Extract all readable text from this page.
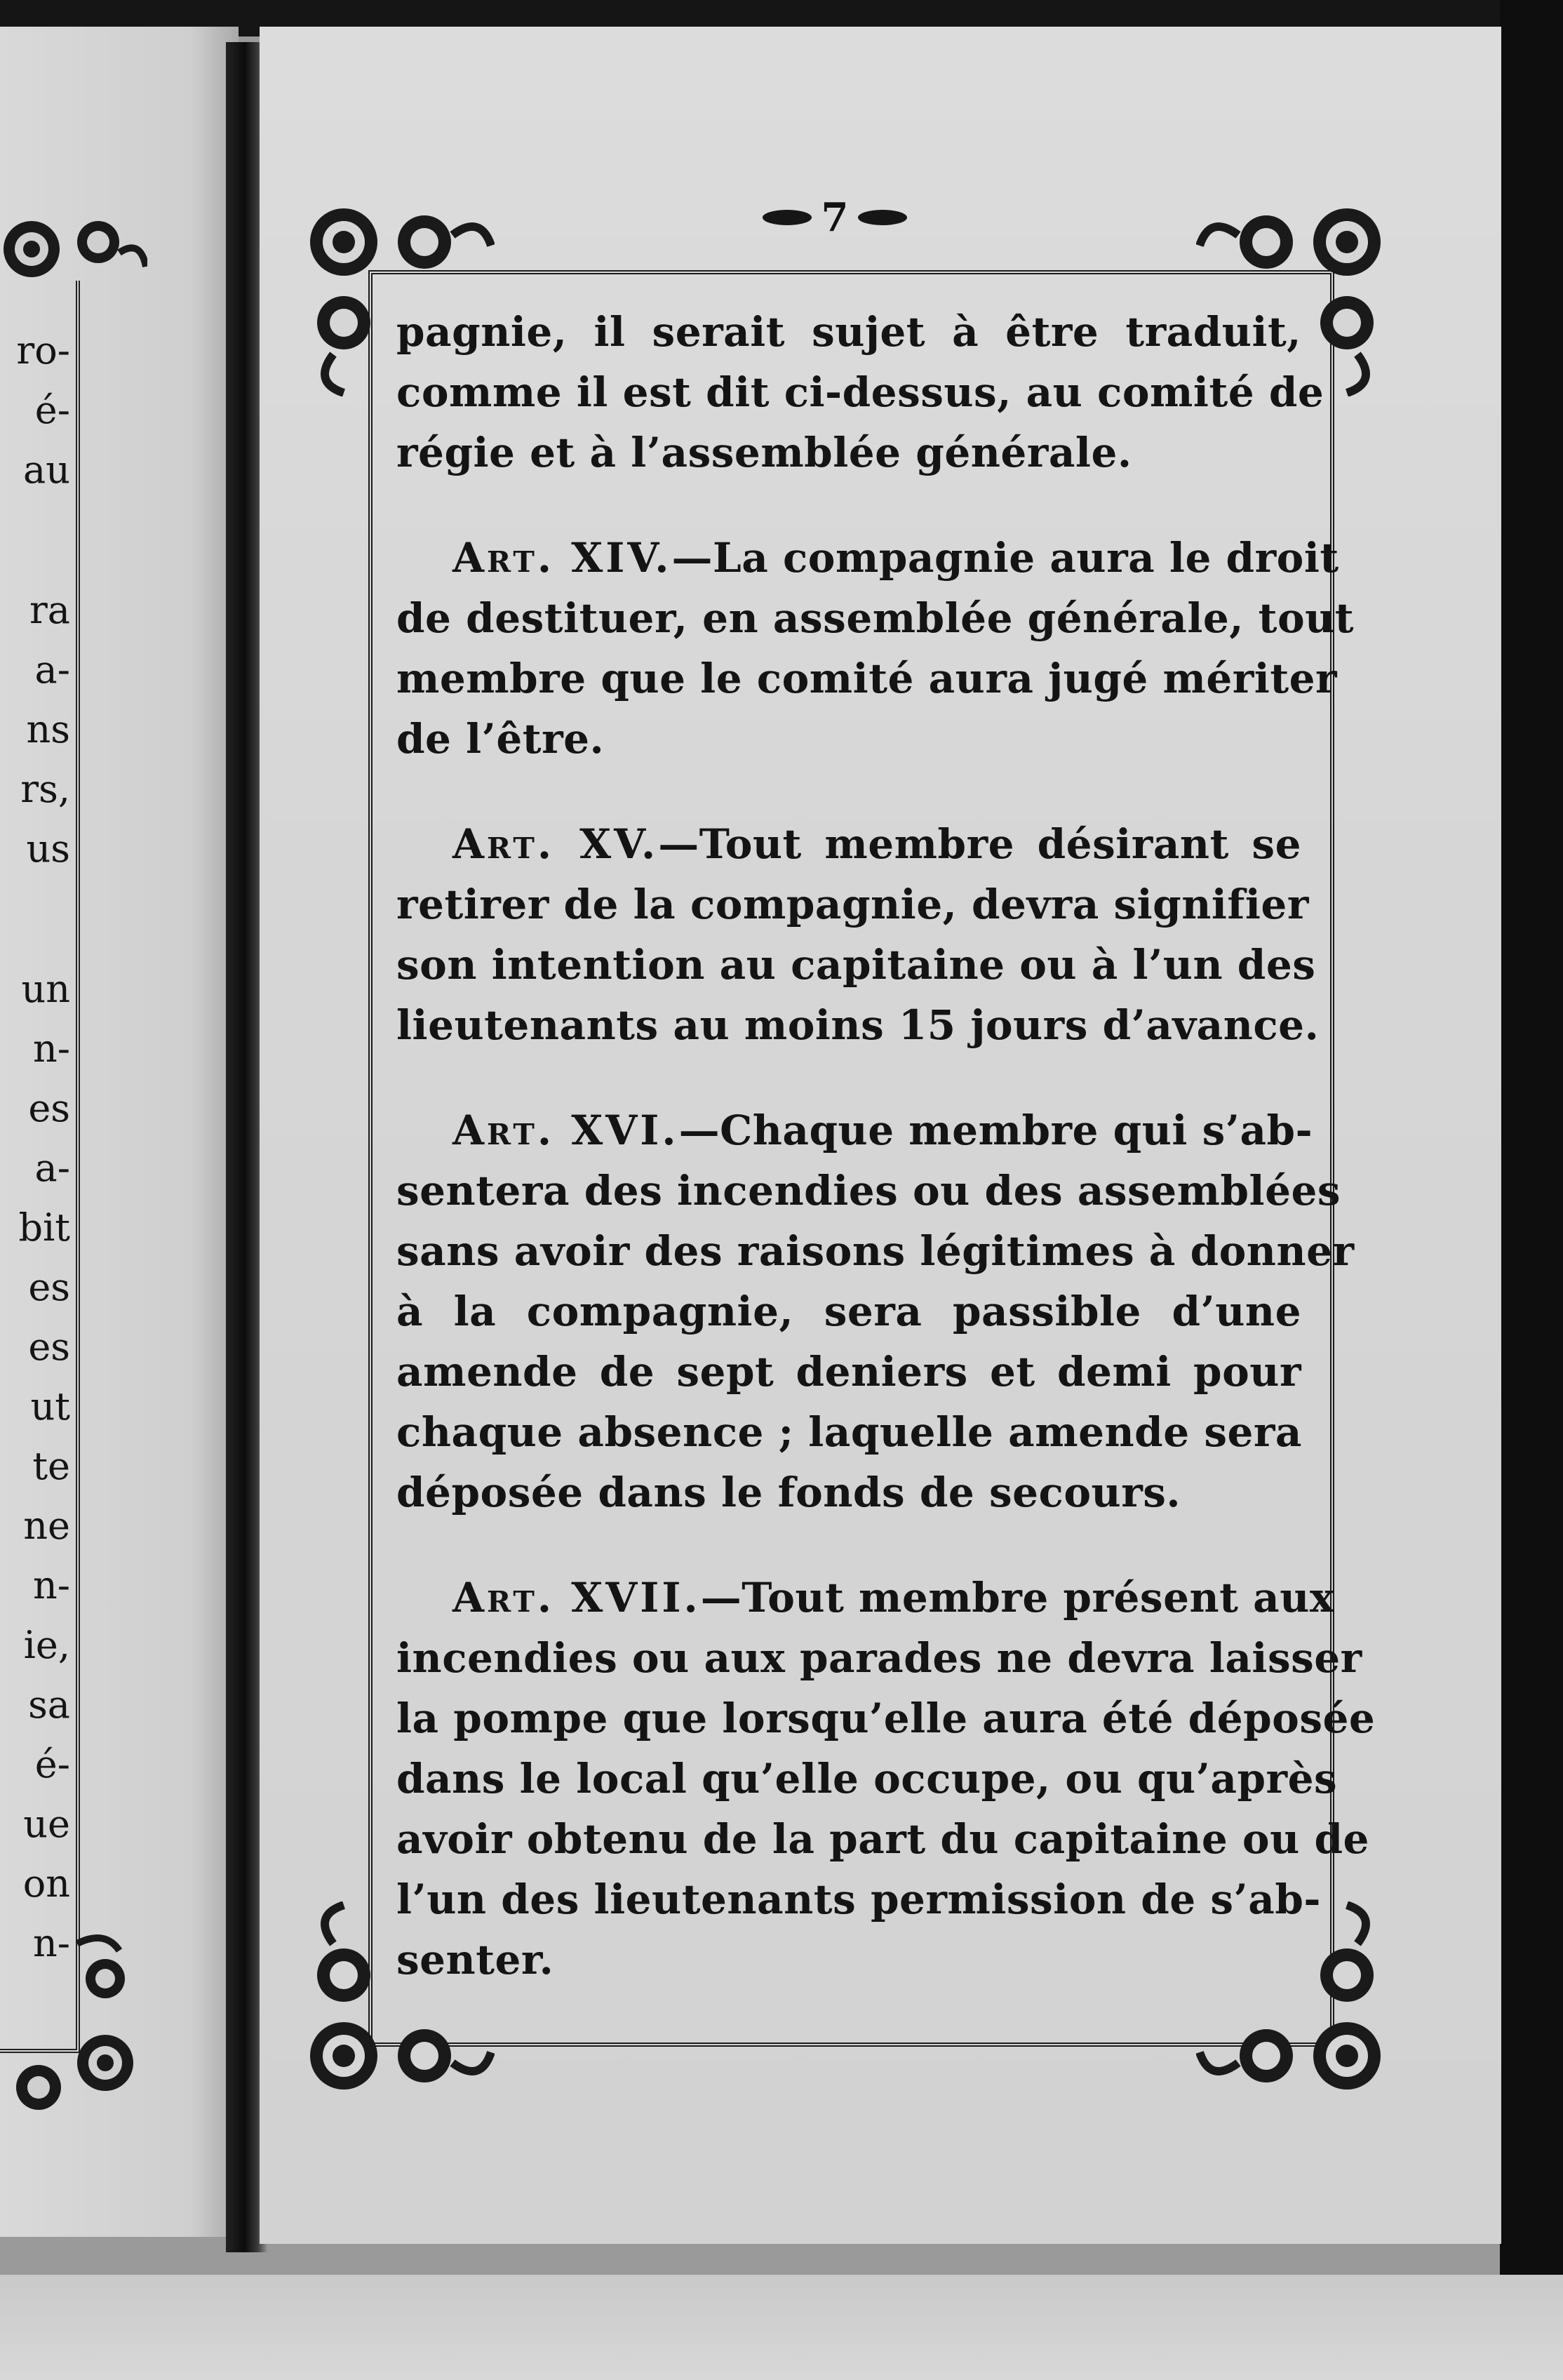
ro-
é-
au
ra
a-
ns
rs,
us
un
n-
es
a-
bit
es
es
ut
te
ne
n-
ie,
sa
é-
ue
on
n-
7
pagnie, il serait sujet à être traduit,
comme il est dit ci-dessus, au comité de
régie et à l’assemblée générale.
Art. XIV.—La compagnie aura le droit
de destituer, en assemblée générale, tout
membre que le comité aura jugé mériter
de l’être.
Art. XV.—Tout membre désirant se
retirer de la compagnie, devra signifier
son intention au capitaine ou à l’un des
lieutenants au moins 15 jours d’avance.
Art. XVI.—Chaque membre qui s’ab-
sentera des incendies ou des assemblées
sans avoir des raisons légitimes à donner
à la compagnie, sera passible d’une
amende de sept deniers et demi pour
chaque absence ; laquelle amende sera
déposée dans le fonds de secours.
Art. XVII.—Tout membre présent aux
incendies ou aux parades ne devra laisser
la pompe que lorsqu’elle aura été déposée
dans le local qu’elle occupe, ou qu’après
avoir obtenu de la part du capitaine ou de
l’un des lieutenants permission de s’ab-
senter.
